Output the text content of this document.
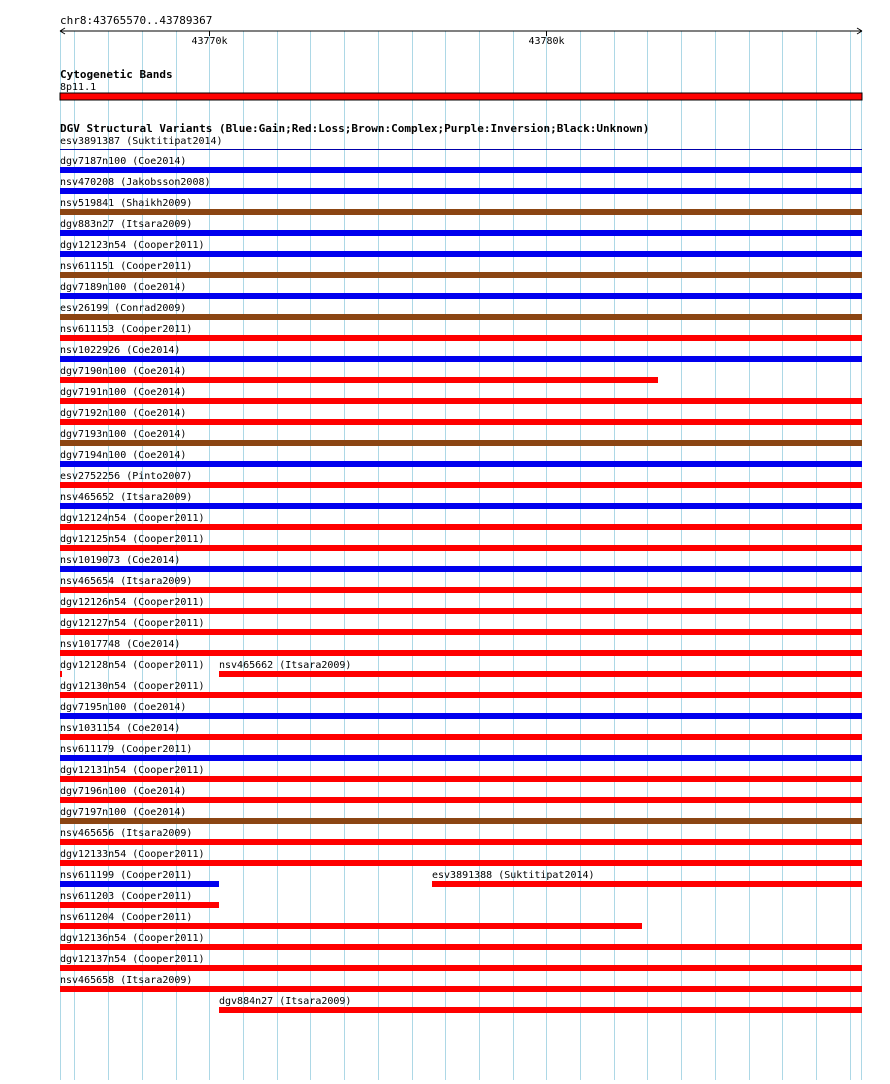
chr8:43765570..43789367
43770k	43780k
Cytogenetic Bands
8p11.1
DGV Structural Variants (Blue:Gain;Red:Loss;Brown:Complex;Purple:Inversion;Black:Unknown)
esv3891387 (Suktitipat2014)
dgv7187n100 (Coe2014)
nsv470208 (Jakobsson2008)
nsv519841 (Shaikh2009)
dgv883n27 (Itsara2009)
dgv12123n54 (Cooper2011)
nsv611151 (Cooper2011)
dgv7189n100 (Coe2014)
esv26199 (Conrad2009)
nsv611153 (Cooper2011)
nsv1022926 (Coe2014)
dgv7190n100 (Coe2014)
dgv7191n100 (Coe2014)
dgv7192n100 (Coe2014)
dgv7193n100 (Coe2014)
dgv7194n100 (Coe2014)
esv2752256 (Pinto2007)
nsv465652 (Itsara2009)
dgv12124n54 (Cooper2011)
dgv12125n54 (Cooper2011)
nsv1019073 (Coe2014)
nsv465654 (Itsara2009)
dgv12126n54 (Cooper2011)
dgv12127n54 (Cooper2011)
nsv1017748 (Coe2014)
dgv12128n54 (Cooper2011) nsv465662 (Itsara2009)
dgv12130n54 (Cooper2011)
dgv7195n100 (Coe2014)
nsv1031154 (Coe2014)
nsv611179 (Cooper2011)
dgv12131n54 (Cooper2011)
dgv7196n100 (Coe2014)
dgv7197n100 (Coe2014)
nsv465656 (Itsara2009)
dgv12133n54 (Cooper2011)
nsv611199 (Cooper2011)	esv3891388 (Suktitipat2014)
nsv611203 (Cooper2011)
nsv611204 (Cooper2011)
dgv12136n54 (Cooper2011)
dgv12137n54 (Cooper2011)
nsv465658 (Itsara2009)
dgv884n27 (Itsara2009)
